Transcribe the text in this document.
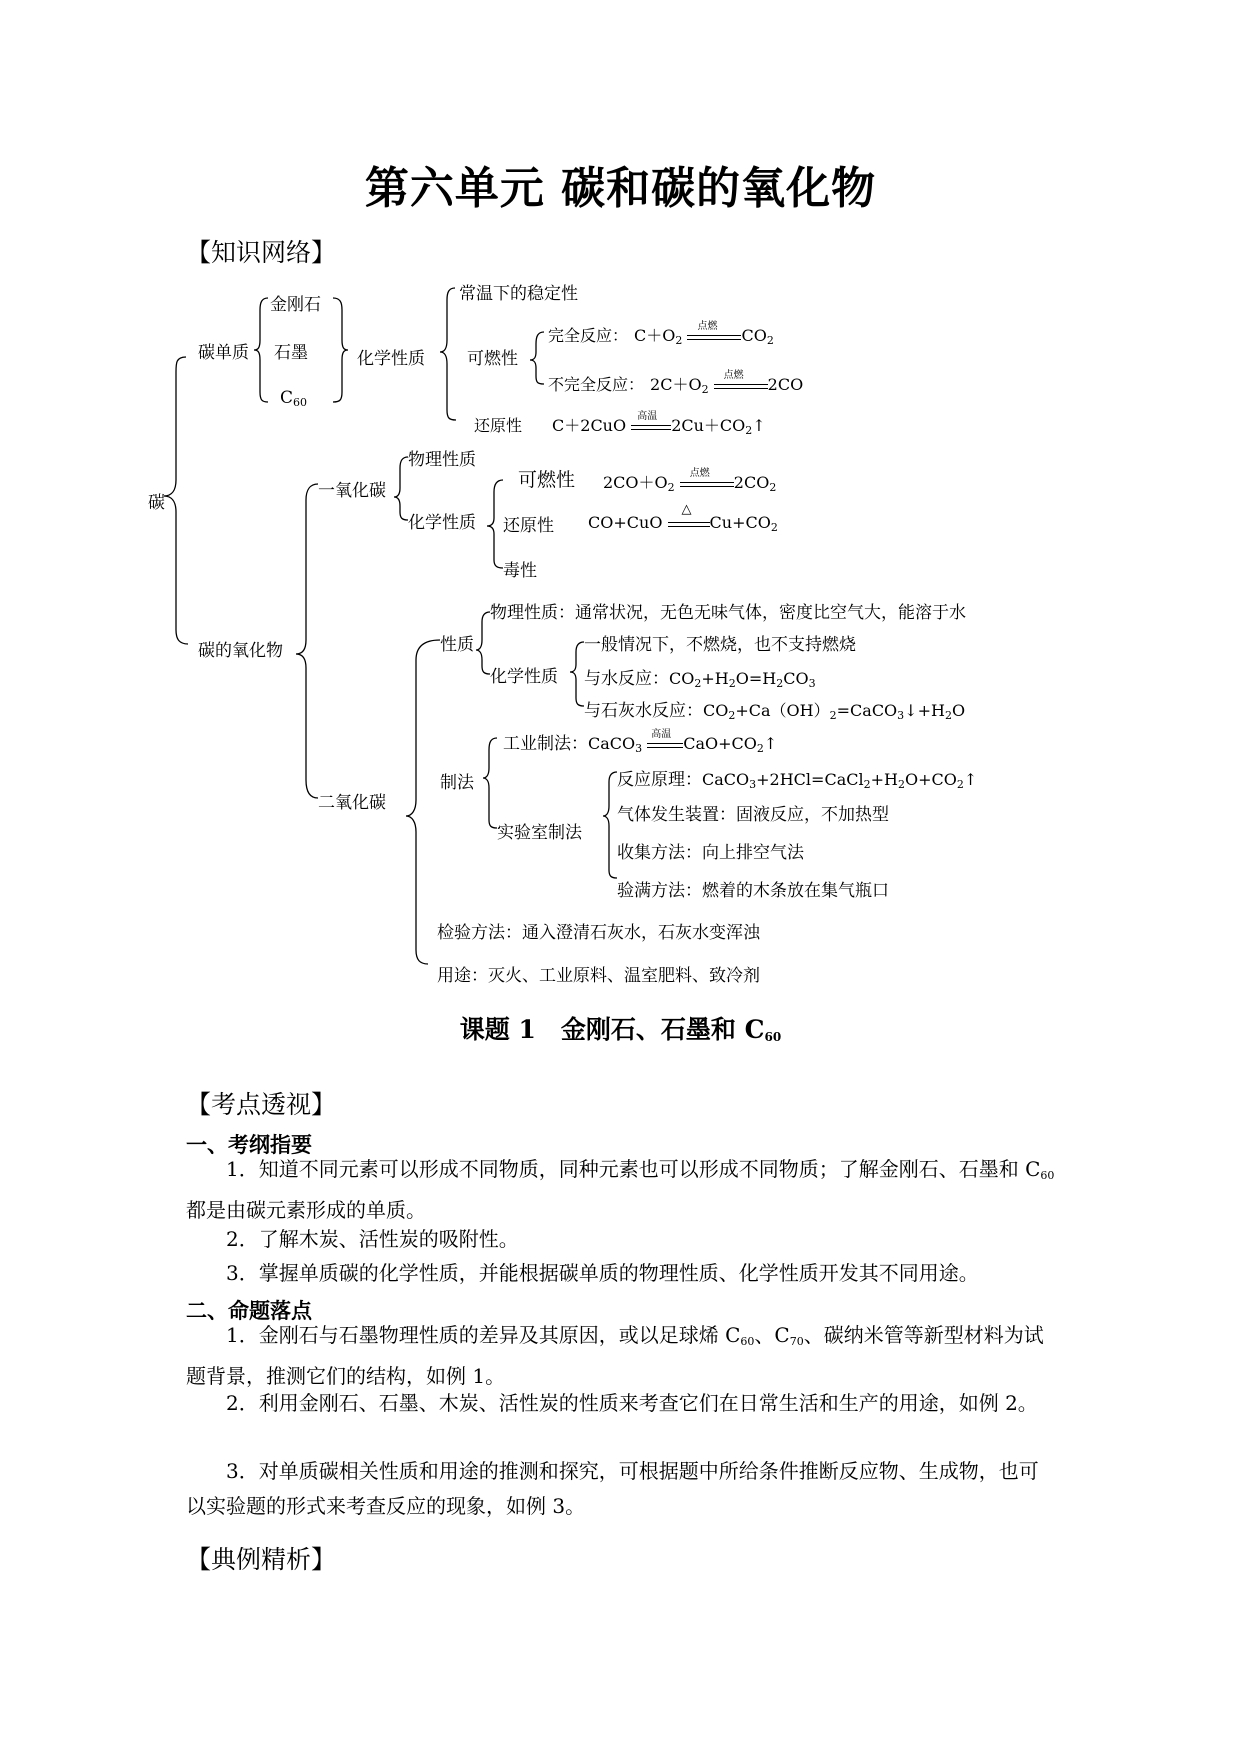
第六单元 碳和碳的氧化物
【知识网络】
碳
碳单质
金刚石
石墨
$C_{60}$
化学性质
常温下的稳定性
可燃性
完全反应： $C+O_2$
点燃 $CO_2$
不完全反应： $2C+O_2$
点燃 2CO
还原性 C＋2CuO 高温 $2Cu+CO_2↑$
碳的氧化物
一氧化碳
物理性质
化学性质
可燃性 $2CO+O_2$
点燃 $2CO_2$
还原性 CO+CuO
△
$Cu+CO_2$
毒性
二氧化碳
性质
物理性质：通常状况，无色无味气体，密度比空气大，能溶于水
化学性质
一般情况下，不燃烧，也不支持燃烧
与水反应：$CO_2+H_2O=H_2CO_3$
与石灰水反应：$CO_2+Ca(OH)_2=CaCO_3↓+H_2O$
制法
工业制法：CaCO$_3$
高温 $CaO+CO_2↑$
实验室制法
反应原理：$CaCO_3+2HCl=CaCl_2+H_2O+CO_2↑$
气体发生装置：固液反应，不加热型
收集方法：向上排空气法
验满方法：燃着的木条放在集气瓶口
检验方法：通入澄清石灰水，石灰水变浑浊
用途：灭火、工业原料、温室肥料、致冷剂
课题 1　金刚石、石墨和 $C_{60}$
【考点透视】
一、考纲指要
1．知道不同元素可以形成不同物质，同种元素也可以形成不同物质；了解金刚石、石墨和 $C_{60}$ 都是由碳元素形成的单质。
2．了解木炭、活性炭的吸附性。
3．掌握单质碳的化学性质，并能根据碳单质的物理性质、化学性质开发其不同用途。
二、命题落点
1．金刚石与石墨物理性质的差异及其原因，或以足球烯 $C_{60}$、$C_{70}$、碳纳米管等新型材料为试题背景，推测它们的结构，如例 1。
2．利用金刚石、石墨、木炭、活性炭的性质来考查它们在日常生活和生产的用途，如例 2。
3．对单质碳相关性质和用途的推测和探究，可根据题中所给条件推断反应物、生成物，也可以实验题的形式来考查反应的现象，如例 3。
【典例精析】
